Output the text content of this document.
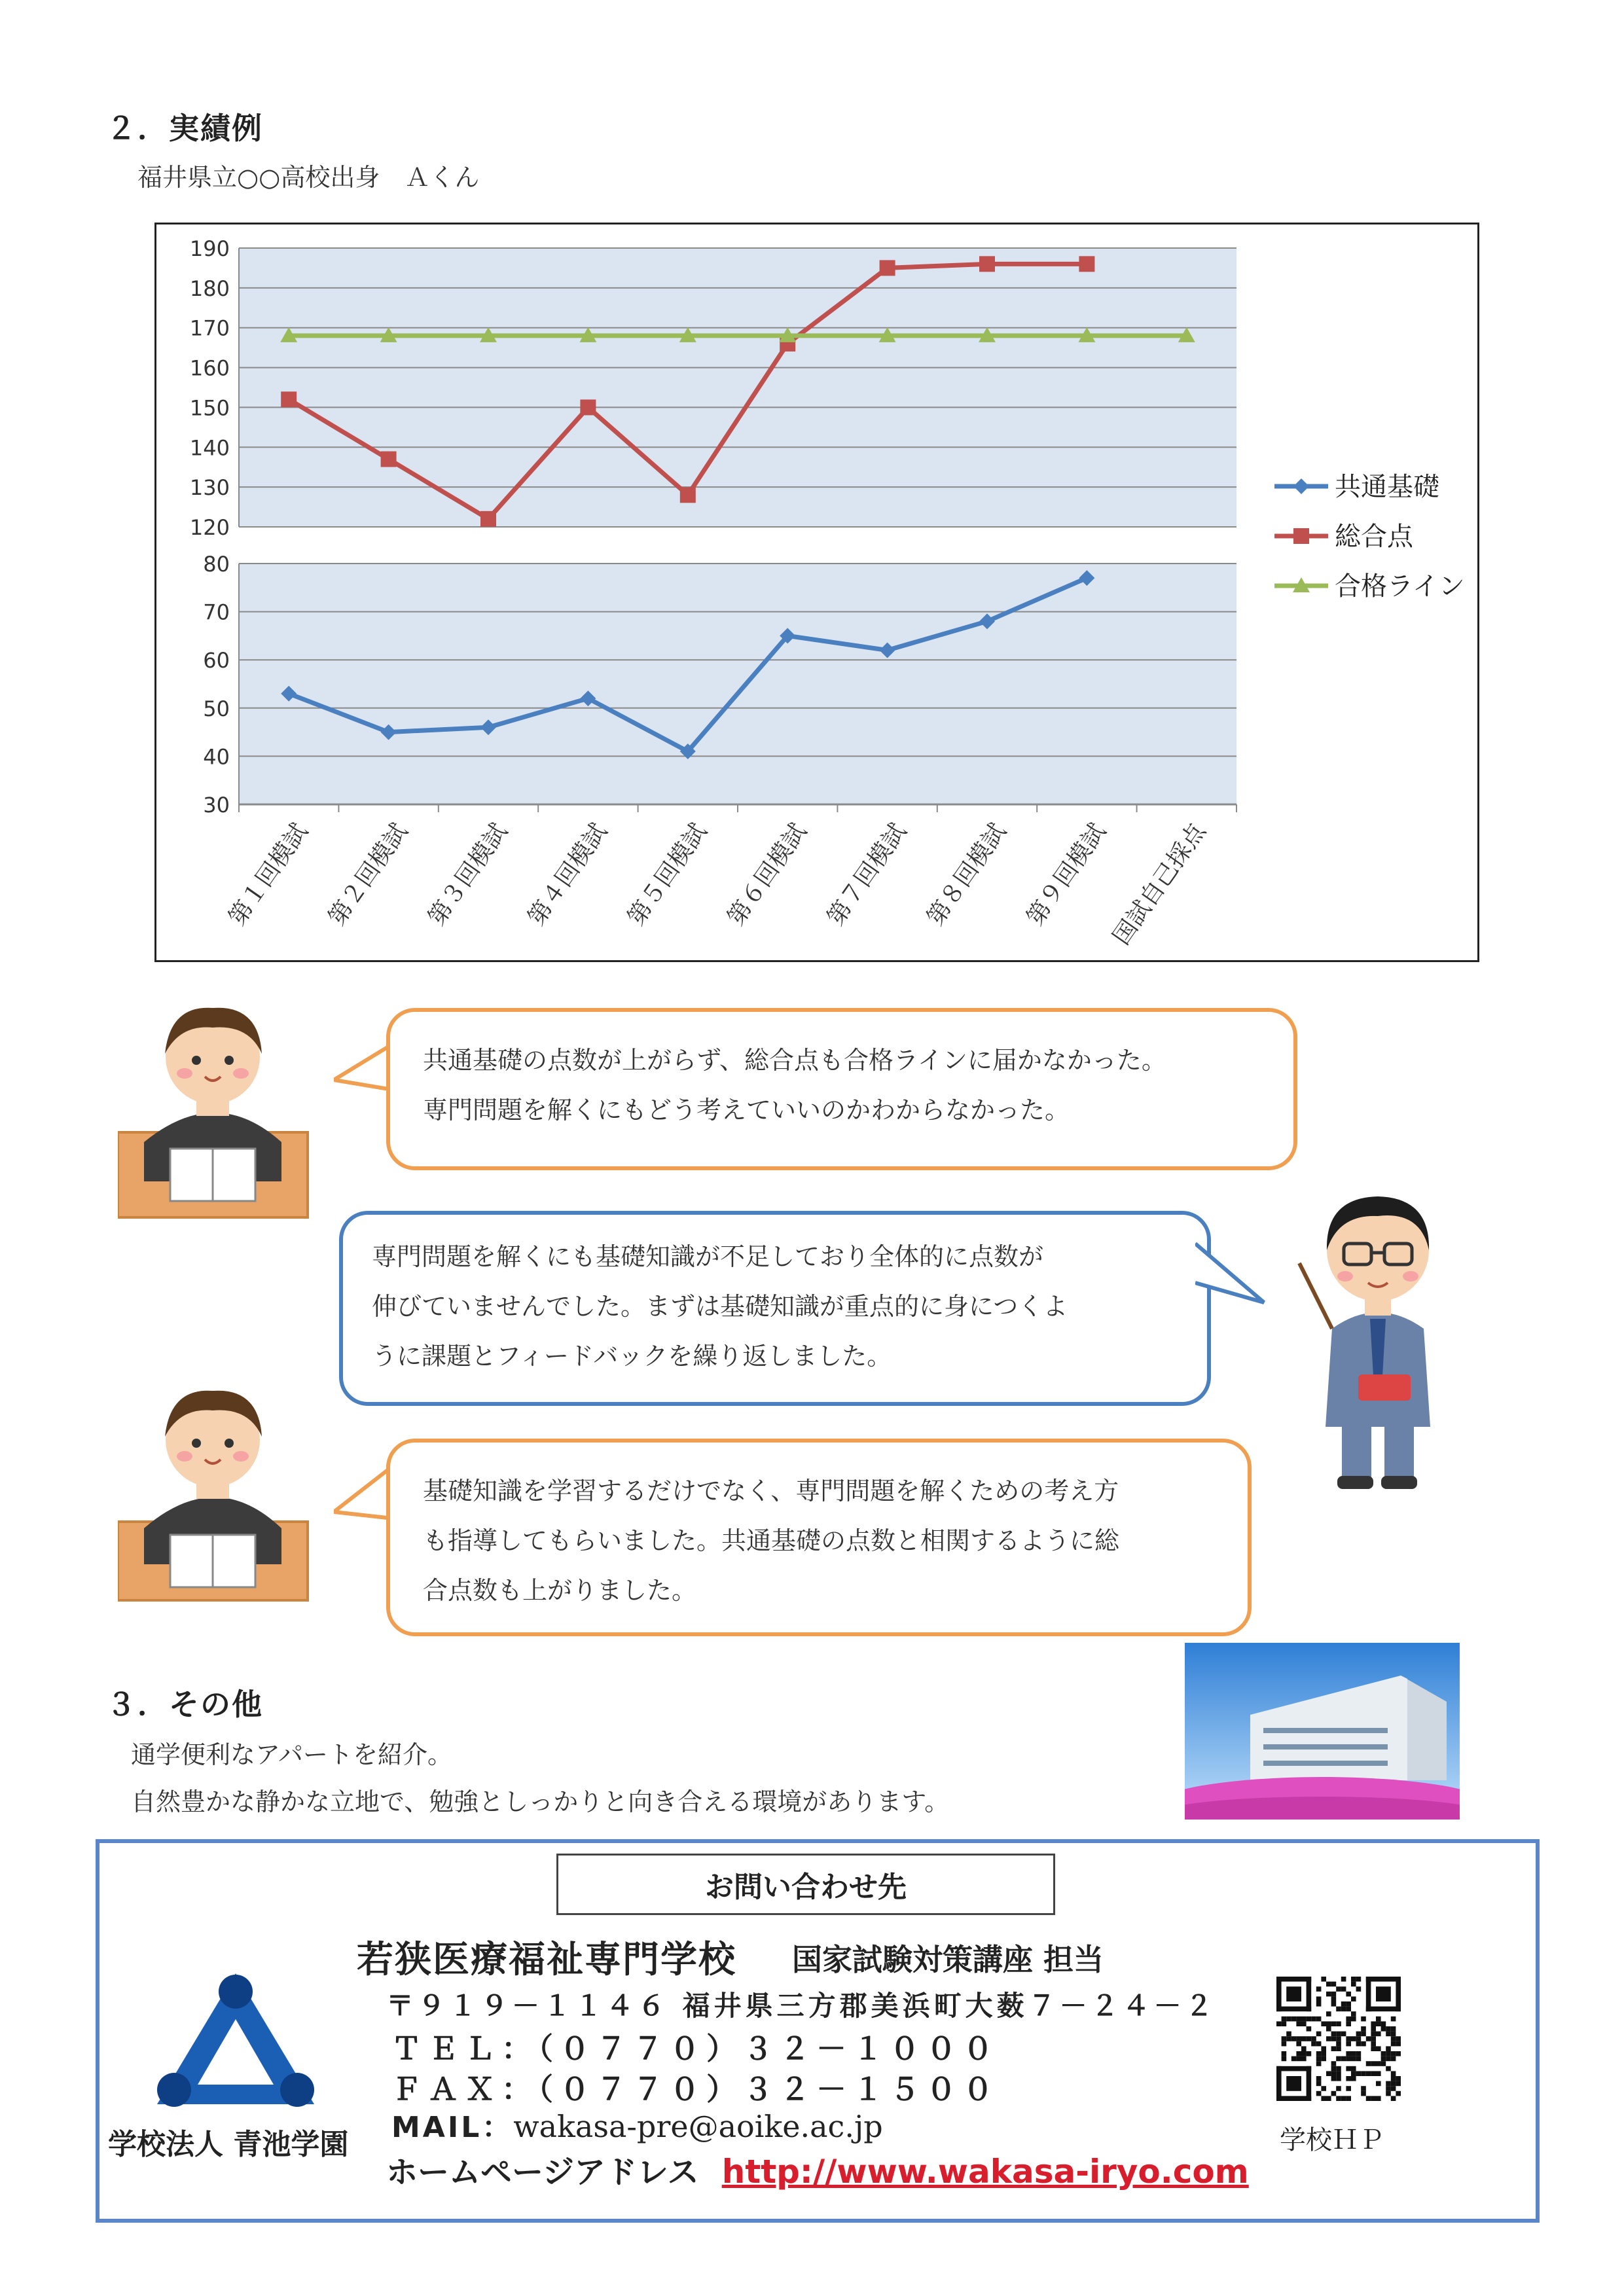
２．実績例
福井県立○○高校出身　Ａくん
120
130
140
150
160
170
180
190
30
40
50
60
70
80
第１回模試 第２回模試 第３回模試 第４回模試 第５回模試 第６回模試 第７回模試 第８回模試 第９回模試
国試自己採点
共通基礎
総合点
合格ライン
共通基礎の点数が上がらず、総合点も合格ラインに届かなかった。
専門問題を解くにもどう考えていいのかわからなかった。
専門問題を解くにも基礎知識が不足しており全体的に点数が
伸びていませんでした。まずは基礎知識が重点的に身につくよ
うに課題とフィードバックを繰り返しました。
基礎知識を学習するだけでなく、専門問題を解くための考え方
も指導してもらいました。共通基礎の点数と相関するように総
合点数も上がりました。
３．その他
通学便利なアパートを紹介。
自然豊かな静かな立地で、勉強としっかりと向き合える環境があります。
お問い合わせ先
学校法人 青池学園
若狭医療福祉専門学校 国家試験対策講座 担当
〒９１９－１１４６ 福井県三方郡美浜町大薮７－２４－２
ＴＥＬ：（０７７０）３２－１０００
ＦＡＸ：（０７７０）３２－１５００
MAIL：wakasa-pre@aoike.ac.jp
ホームページアドレス http://www.wakasa-iryo.com
学校ＨＰ
